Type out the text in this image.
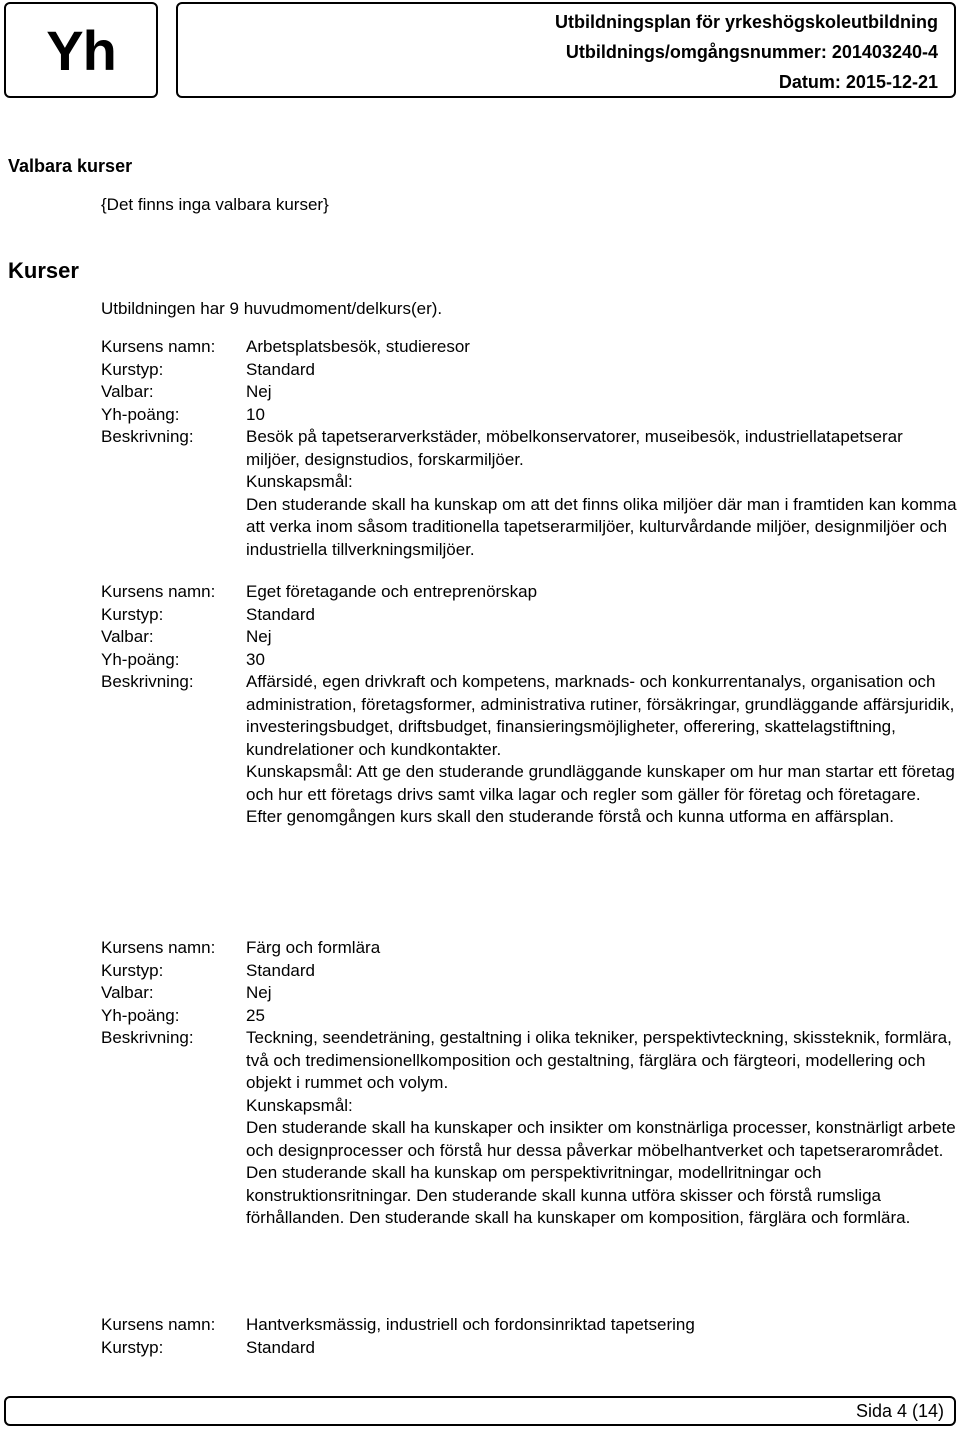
Yh	Utbildningsplan för yrkeshögskoleutbildning
Utbildnings/omgångsnummer: 201403240-4
Datum: 2015-12-21
Valbara kurser
{Det finns inga valbara kurser}
Kurser
Utbildningen har 9 huvudmoment/delkurs(er).
Kursens namn:	Arbetsplatsbesök, studieresor
Kurstyp:	Standard
Valbar:	Nej
Yh-poäng:	10
Beskrivning:	Besök på tapetserarverkstäder, möbelkonservatorer, museibesök, industriellatapetserar miljöer, designstudios, forskarmiljöer.

Kunskapsmål:

Den studerande skall ha kunskap om att det finns olika miljöer där man i framtiden kan komma att verka inom såsom traditionella tapetserarmiljöer, kulturvårdande miljöer, designmiljöer och industriella tillverkningsmiljöer.

Kursens namn:	Eget företagande och entreprenörskap
Kurstyp:	Standard
Valbar:	Nej
Yh-poäng:	30
Beskrivning:	Affärsidé, egen drivkraft och kompetens, marknads- och konkurrentanalys, organisation och administration, företagsformer, administrativa rutiner, försäkringar, grundläggande affärsjuridik, investeringsbudget, driftsbudget, finansieringsmöjligheter, offerering, skattelagstiftning, kundrelationer och kundkontakter.

Kunskapsmål: Att ge den studerande grundläggande kunskaper om hur man startar ett företag och hur ett företags drivs samt vilka lagar och regler som gäller för företag och företagare. Efter genomgången kurs skall den studerande förstå och kunna utforma en affärsplan.

Kursens namn:	Färg och formlära
Kurstyp:	Standard
Valbar:	Nej
Yh-poäng:	25
Beskrivning:	Teckning, seendeträning, gestaltning i olika tekniker, perspektivteckning, skissteknik, formlära, två och tredimensionellkomposition och gestaltning, färglära och färgteori, modellering och objekt i rummet och volym.

Kunskapsmål:

Den studerande skall ha kunskaper och insikter om konstnärliga processer, konstnärligt arbete och designprocesser och förstå hur dessa påverkar möbelhantverket och tapetserarområdet. Den studerande skall ha kunskap om perspektivritningar, modellritningar och konstruktionsritningar. Den studerande skall kunna utföra skisser och förstå rumsliga förhållanden. Den studerande skall ha kunskaper om komposition, färglära och formlära.

Kursens namn:	Hantverksmässig, industriell och fordonsinriktad tapetsering
Kurstyp:	Standard
Sida 4 (14)
